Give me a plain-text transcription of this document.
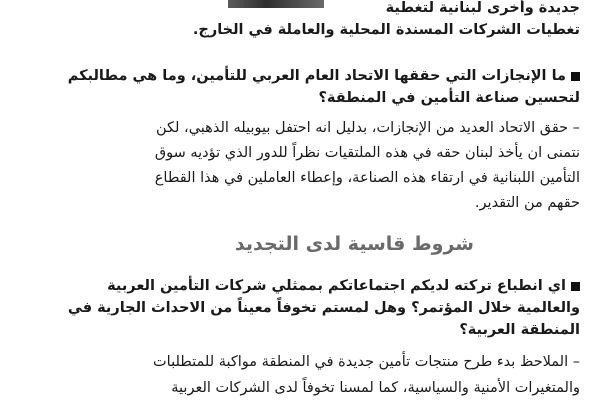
جديدة وأخرى لبنانية لتغطية
تغطيات الشركات المسندة المحلية والعاملة في الخارج.
ما الإنجازات التي حققها الاتحاد العام العربي للتأمين، وما هي مطالبكم
لتحسين صناعة التأمين في المنطقة؟
– حقق الاتحاد العديد من الإنجازات، بدليل انه احتفل بيوبيله الذهبي، لكن
نتمنى ان يأخذ لبنان حقه في هذه الملتقيات نظراً للدور الذي تؤديه سوق
التأمين اللبنانية في ارتقاء هذه الصناعة، وإعطاء العاملين في هذا القطاع
حقهم من التقدير.
شروط قاسية لدى التجديد
اي انطباع تركته لديكم اجتماعاتكم بممثلي شركات التأمين العربية
والعالمية خلال المؤتمر؟ وهل لمستم تخوفاً معيناً من الاحداث الجارية في
المنطقة العربية؟
– الملاحظ بدء طرح منتجات تأمين جديدة في المنطقة مواكبة للمتطلبات
والمتغيرات الأمنية والسياسية، كما لمسنا تخوفاً لدى الشركات العربية
